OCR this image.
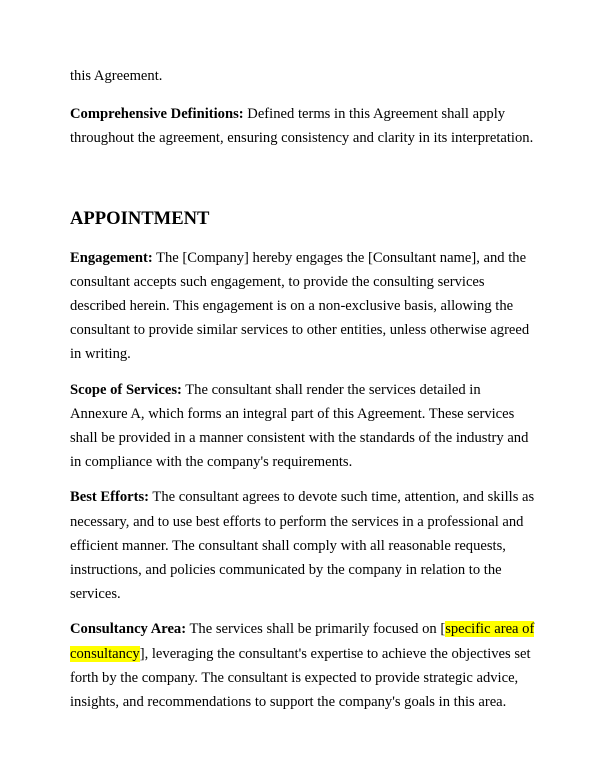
this Agreement.

Comprehensive Definitions: Defined terms in this Agreement shall apply throughout the agreement, ensuring consistency and clarity in its interpretation.

APPOINTMENT

Engagement: The [Company] hereby engages the [Consultant name], and the consultant accepts such engagement, to provide the consulting services described herein. This engagement is on a non-exclusive basis, allowing the consultant to provide similar services to other entities, unless otherwise agreed in writing.

Scope of Services: The consultant shall render the services detailed in Annexure A, which forms an integral part of this Agreement. These services shall be provided in a manner consistent with the standards of the industry and in compliance with the company's requirements.

Best Efforts: The consultant agrees to devote such time, attention, and skills as necessary, and to use best efforts to perform the services in a professional and efficient manner. The consultant shall comply with all reasonable requests, instructions, and policies communicated by the company in relation to the services.

Consultancy Area: The services shall be primarily focused on [specific area of consultancy], leveraging the consultant's expertise to achieve the objectives set forth by the company. The consultant is expected to provide strategic advice, insights, and recommendations to support the company's goals in this area.
